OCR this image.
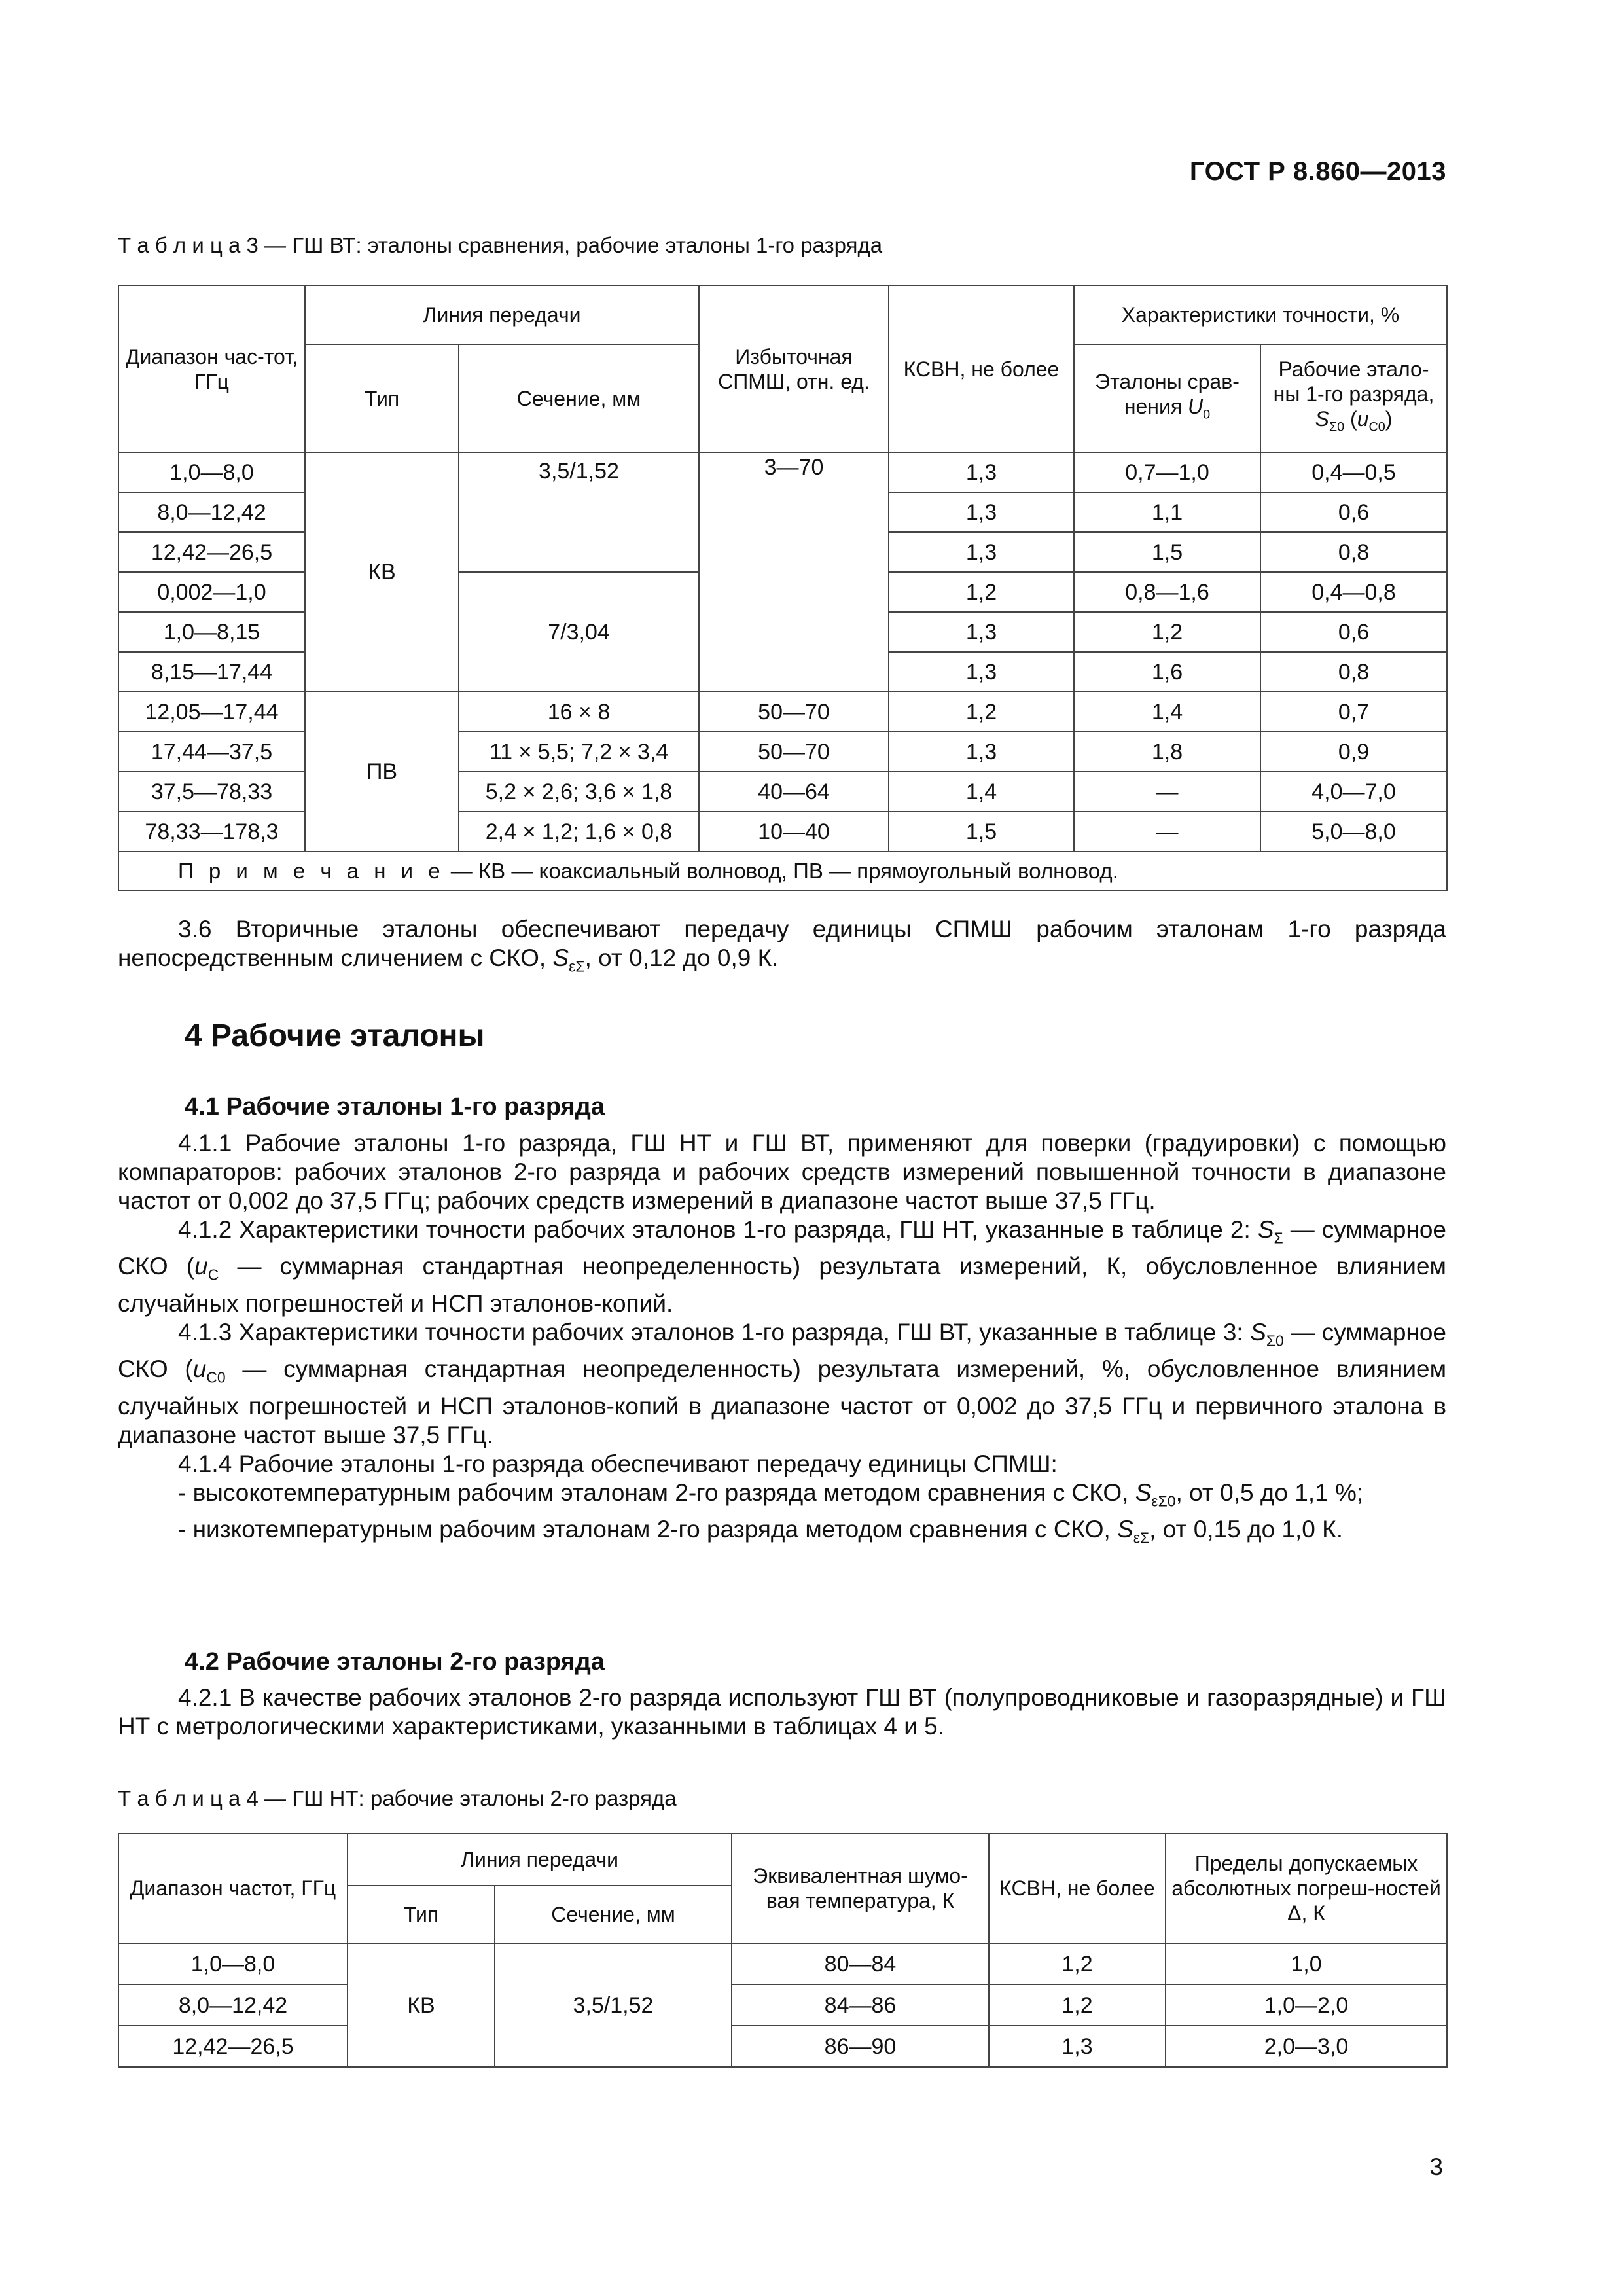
ГОСТ Р 8.860—2013
Т а б л и ц а 3 — ГШ ВТ: эталоны сравнения, рабочие эталоны 1-го разряда
Диапазон час-тот, ГГц	Линия передачи		Избыточная СПМШ, отн. ед.	КСВН, не более	Характеристики точности, %	
	Тип	Сечение, мм			Эталоны срав-нения $U_0$	Рабочие этало-ны 1-го разряда, $S_{\Sigma 0}$ $(u_{C0})$
1,0—8,0	КВ	3,5/1,52	3—70	1,3	0,7—1,0	0,4—0,5
8,0—12,42				1,3	1,1	0,6
12,42—26,5				1,3	1,5	0,8
0,002—1,0		7/3,04		1,2	0,8—1,6	0,4—0,8
1,0—8,15				1,3	1,2	0,6
8,15—17,44				1,3	1,6	0,8
12,05—17,44	ПВ	16 × 8	50—70	1,2	1,4	0,7
17,44—37,5		11 × 5,5; 7,2 × 3,4	50—70	1,3	1,8	0,9
37,5—78,33		5,2 × 2,6; 3,6 × 1,8	40—64	1,4	—	4,0—7,0
78,33—178,3		2,4 × 1,2; 1,6 × 0,8	10—40	1,5	—	5,0—8,0
П р и м е ч а н и е — КВ — коаксиальный волновод, ПВ — прямоугольный волновод.						

3.6 Вторичные эталоны обеспечивают передачу единицы СПМШ рабочим эталонам 1-го разряда непосредственным сличением с СКО, $S_{\varepsilon\Sigma}$, от 0,12 до 0,9 К.

4 Рабочие эталоны
4.1 Рабочие эталоны 1-го разряда

4.1.1 Рабочие эталоны 1-го разряда, ГШ НТ и ГШ ВТ, применяют для поверки (градуировки) с помощью компараторов: рабочих эталонов 2-го разряда и рабочих средств измерений повышенной точности в диапазоне частот от 0,002 до 37,5 ГГц; рабочих средств измерений в диапазоне частот выше 37,5 ГГц.

4.1.2 Характеристики точности рабочих эталонов 1-го разряда, ГШ НТ, указанные в таблице 2: $S_\Sigma$ — суммарное СКО ($u_C$ — суммарная стандартная неопределенность) результата измерений, К, обусловленное влиянием случайных погрешностей и НСП эталонов-копий.

4.1.3 Характеристики точности рабочих эталонов 1-го разряда, ГШ ВТ, указанные в таблице 3: $S_{\Sigma 0}$ — суммарное СКО ($u_{C0}$ — суммарная стандартная неопределенность) результата измерений, %, обусловленное влиянием случайных погрешностей и НСП эталонов-копий в диапазоне частот от 0,002 до 37,5 ГГц и первичного эталона в диапазоне частот выше 37,5 ГГц.

4.1.4 Рабочие эталоны 1-го разряда обеспечивают передачу единицы СПМШ:

- высокотемпературным рабочим эталонам 2-го разряда методом сравнения с СКО, $S_{\varepsilon\Sigma 0}$, от 0,5 до 1,1 %;

- низкотемпературным рабочим эталонам 2-го разряда методом сравнения с СКО, $S_{\varepsilon\Sigma}$, от 0,15 до 1,0 К.

4.2 Рабочие эталоны 2-го разряда

4.2.1 В качестве рабочих эталонов 2-го разряда используют ГШ ВТ (полупроводниковые и газоразрядные) и ГШ НТ с метрологическими характеристиками, указанными в таблицах 4 и 5.

Т а б л и ц а 4 — ГШ НТ: рабочие эталоны 2-го разряда
Диапазон частот, ГГц	Линия передачи		Эквивалентная шумо-вая температура, К	КСВН, не более	Пределы допускаемых абсолютных погреш-ностей Δ, К
	Тип	Сечение, мм			
1,0—8,0	КВ	3,5/1,52	80—84	1,2	1,0
8,0—12,42			84—86	1,2	1,0—2,0
12,42—26,5			86—90	1,3	2,0—3,0
3
